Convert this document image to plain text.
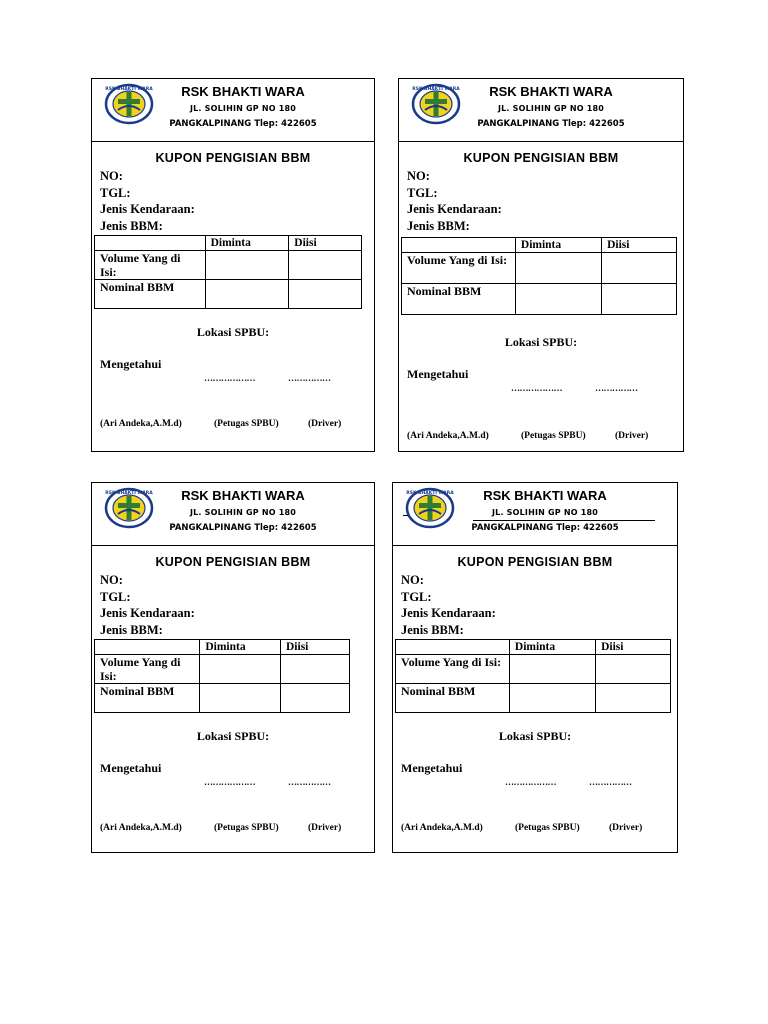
RSK BHAKTI WARA	RSK BHAKTI WARA
JL. SOLIHIN GP NO 180
PANGKALPINANG Tlep: 422605
KUPON PENGISIAN BBM
NO:
TGL:
Jenis Kendaraan:
Jenis BBM:
	Diminta	Diisi
Volume Yang di Isi:		
Nominal BBM		
Lokasi SPBU:
Mengetahui
………………	……………
(Ari Andeka,A.M.d)	(Petugas SPBU)	(Driver)
RSK BHAKTI WARA	RSK BHAKTI WARA
JL. SOLIHIN GP NO 180
PANGKALPINANG Tlep: 422605
KUPON PENGISIAN BBM
NO:
TGL:
Jenis Kendaraan:
Jenis BBM:
	Diminta	Diisi
Volume Yang di Isi:		
Nominal BBM		
Lokasi SPBU:
Mengetahui
………………	……………
(Ari Andeka,A.M.d)	(Petugas SPBU)	(Driver)
RSK BHAKTI WARA	RSK BHAKTI WARA
JL. SOLIHIN GP NO 180
PANGKALPINANG Tlep: 422605
KUPON PENGISIAN BBM
NO:
TGL:
Jenis Kendaraan:
Jenis BBM:
	Diminta	Diisi
Volume Yang di Isi:		
Nominal BBM		
Lokasi SPBU:
Mengetahui
………………	……………
(Ari Andeka,A.M.d)	(Petugas SPBU)	(Driver)
RSK BHAKTI WARA	RSK BHAKTI WARA
JL. SOLIHIN GP NO 180
PANGKALPINANG Tlep: 422605
KUPON PENGISIAN BBM
NO:
TGL:
Jenis Kendaraan:
Jenis BBM:
	Diminta	Diisi
Volume Yang di Isi:		
Nominal BBM		
Lokasi SPBU:
Mengetahui
………………	……………
(Ari Andeka,A.M.d)	(Petugas SPBU)	(Driver)
